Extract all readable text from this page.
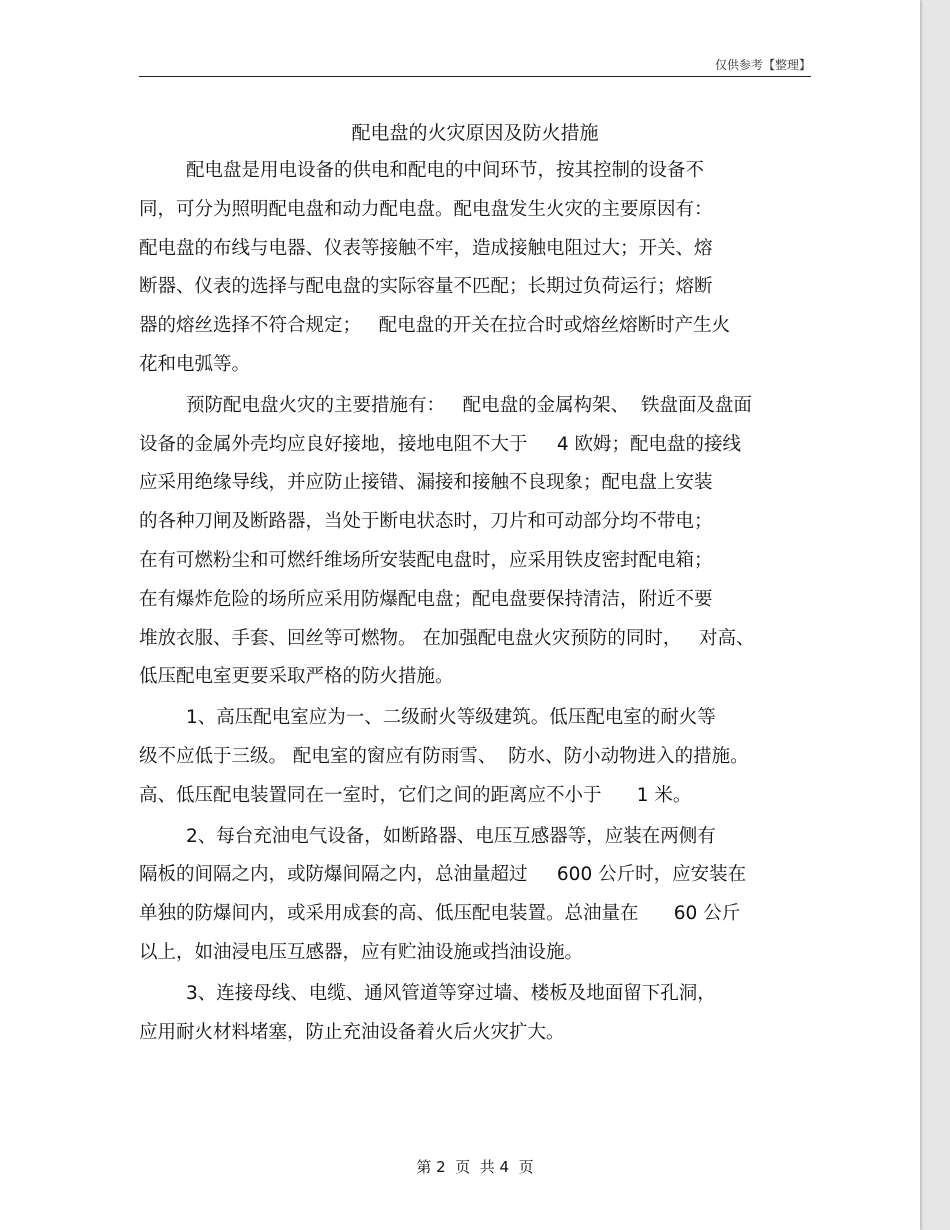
仅供参考【整理】
配电盘的火灾原因及防火措施
配电盘是用电设备的供电和配电的中间环节，按其控制的设备不
同，可分为照明配电盘和动力配电盘。配电盘发生火灾的主要原因有：
配电盘的布线与电器、仪表等接触不牢，造成接触电阻过大；开关、熔
断器、仪表的选择与配电盘的实际容量不匹配；长期过负荷运行；熔断
器的熔丝选择不符合规定；   配电盘的开关在拉合时或熔丝熔断时产生火
花和电弧等。
预防配电盘火灾的主要措施有：   配电盘的金属构架、  铁盘面及盘面
设备的金属外壳均应良好接地，接地电阻不大于     4 欧姆；配电盘的接线
应采用绝缘导线，并应防止接错、漏接和接触不良现象；配电盘上安装
的各种刀闸及断路器，当处于断电状态时，刀片和可动部分均不带电；
在有可燃粉尘和可燃纤维场所安装配电盘时，应采用铁皮密封配电箱；
在有爆炸危险的场所应采用防爆配电盘；配电盘要保持清洁，附近不要
堆放衣服、手套、回丝等可燃物。 在加强配电盘火灾预防的同时，   对高、
低压配电室更要采取严格的防火措施。
1、高压配电室应为一、二级耐火等级建筑。低压配电室的耐火等
级不应低于三级。 配电室的窗应有防雨雪、  防水、防小动物进入的措施。
高、低压配电装置同在一室时，它们之间的距离应不小于      1 米。
2、每台充油电气设备，如断路器、电压互感器等，应装在两侧有
隔板的间隔之内，或防爆间隔之内，总油量超过     600 公斤时，应安装在
单独的防爆间内，或采用成套的高、低压配电装置。总油量在      60 公斤
以上，如油浸电压互感器，应有贮油设施或挡油设施。
3、连接母线、电缆、通风管道等穿过墙、楼板及地面留下孔洞，
应用耐火材料堵塞，防止充油设备着火后火灾扩大。
第 2  页  共 4  页
